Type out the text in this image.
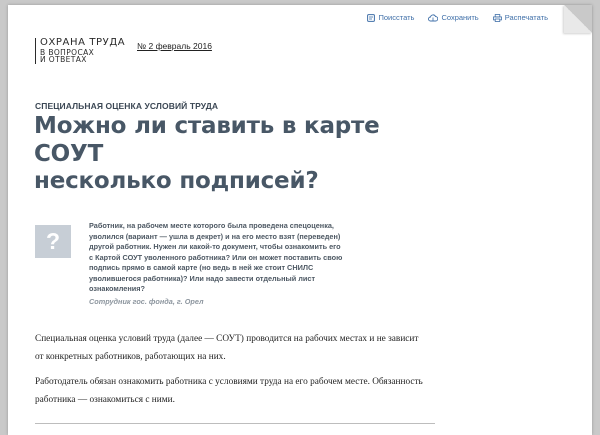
Поисстать	Сохранить	Распечатать
ОХРАНА ТРУДА
В ВОПРОСАХ
И ОТВЕТАХ
№ 2 февраль 2016
СПЕЦИАЛЬНАЯ ОЦЕНКА УСЛОВИЙ ТРУДА
Можно ли ставить в карте СОУТ
несколько подписей?
?
Работник, на рабочем месте которого была проведена спецоценка,
уволился (вариант — ушла в декрет) и на его место взят (переведен)
другой работник. Нужен ли какой-то документ, чтобы ознакомить его
с Картой СОУТ уволенного работника? Или он может поставить свою
подпись прямо в самой карте (но ведь в ней же стоит СНИЛС
уволившегося работника)? Или надо завести отдельный лист
ознакомления?
Сотрудник гос. фонда, г. Орел
Специальная оценка условий труда (далее — СОУТ) проводится на рабочих местах и не зависит
от конкретных работников, работающих на них.
Работодатель обязан ознакомить работника с условиями труда на его рабочем месте. Обязанность
работника — ознакомиться с ними.
